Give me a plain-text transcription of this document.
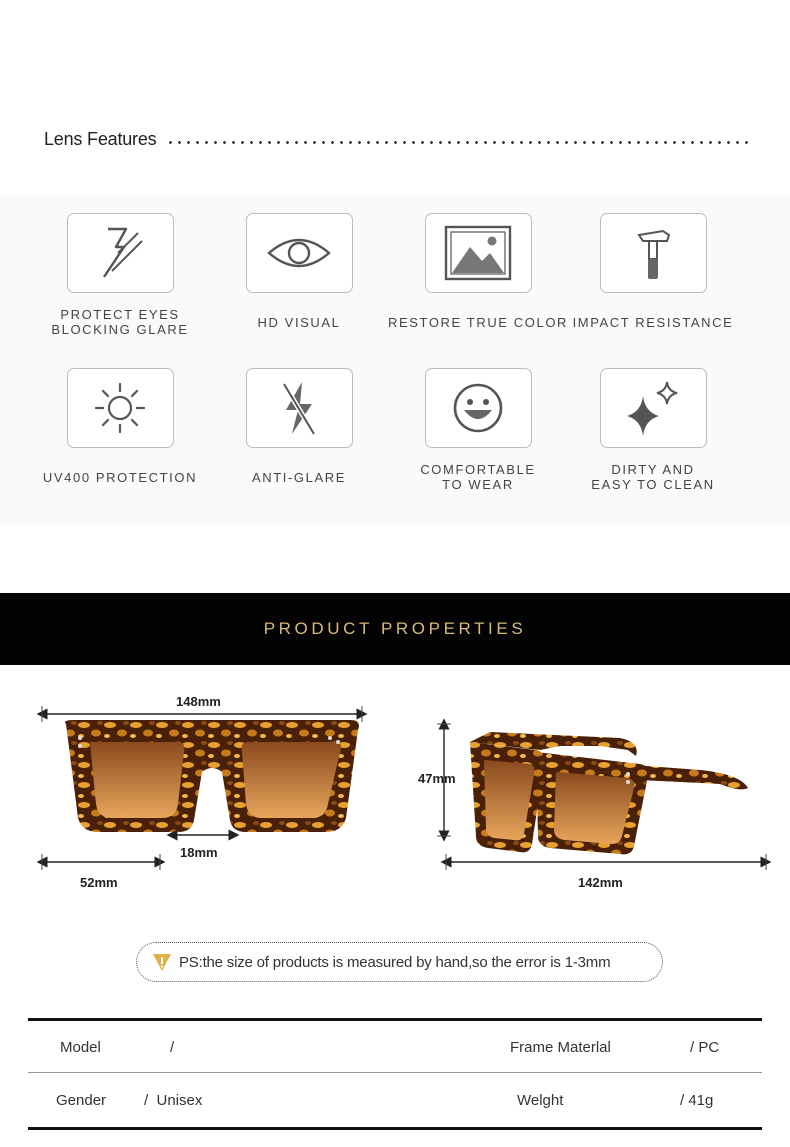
Lens Features
PROTECT EYES
BLOCKING GLARE	HD VISUAL	RESTORE TRUE COLOR IMPACT RESISTANCE
UV400 PROTECTION	ANTI-GLARE
COMFORTABLE
TO WEAR
DIRTY AND
EASY TO CLEAN
PRODUCT PROPERTIES
148mm
18mm
52mm
47mm
142mm
PS:the size of products is measured by hand,so the error is 1-3mm
Model	/	Frame Materlal	/ PC
Gender	/  Unisex	Welght	/ 41g
